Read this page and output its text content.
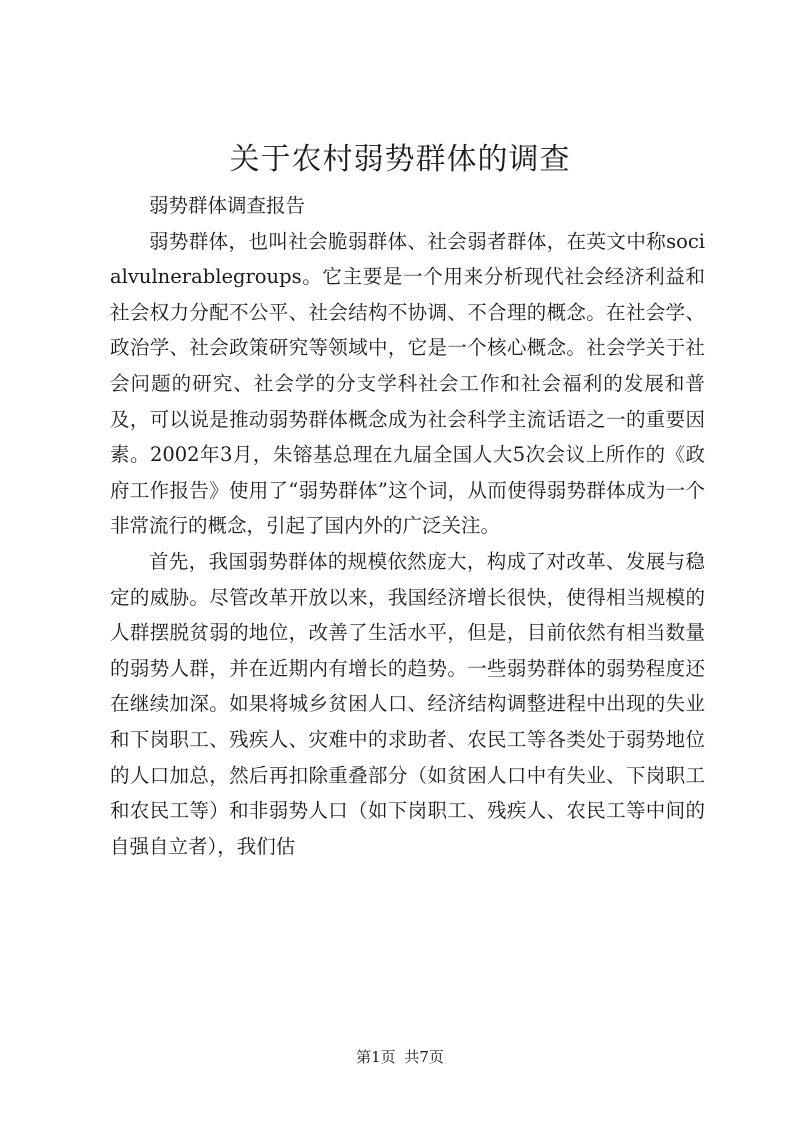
关于农村弱势群体的调查

弱势群体调查报告

弱势群体，也叫社会脆弱群体、社会弱者群体，在英文中称socialvulnerablegroups。它主要是一个用来分析现代社会经济利益和社会权力分配不公平、社会结构不协调、不合理的概念。在社会学、政治学、社会政策研究等领域中，它是一个核心概念。社会学关于社会问题的研究、社会学的分支学科社会工作和社会福利的发展和普及，可以说是推动弱势群体概念成为社会科学主流话语之一的重要因素。2002年3月，朱镕基总理在九届全国人大5次会议上所作的《政府工作报告》使用了“弱势群体”这个词，从而使得弱势群体成为一个非常流行的概念，引起了国内外的广泛关注。

首先，我国弱势群体的规模依然庞大，构成了对改革、发展与稳定的威胁。尽管改革开放以来，我国经济增长很快，使得相当规模的人群摆脱贫弱的地位，改善了生活水平，但是，目前依然有相当数量的弱势人群，并在近期内有增长的趋势。一些弱势群体的弱势程度还在继续加深。如果将城乡贫困人口、经济结构调整进程中出现的失业和下岗职工、残疾人、灾难中的求助者、农民工等各类处于弱势地位的人口加总，然后再扣除重叠部分（如贫困人口中有失业、下岗职工和农民工等）和非弱势人口（如下岗职工、残疾人、农民工等中间的自强自立者），我们估

第1页 共7页
